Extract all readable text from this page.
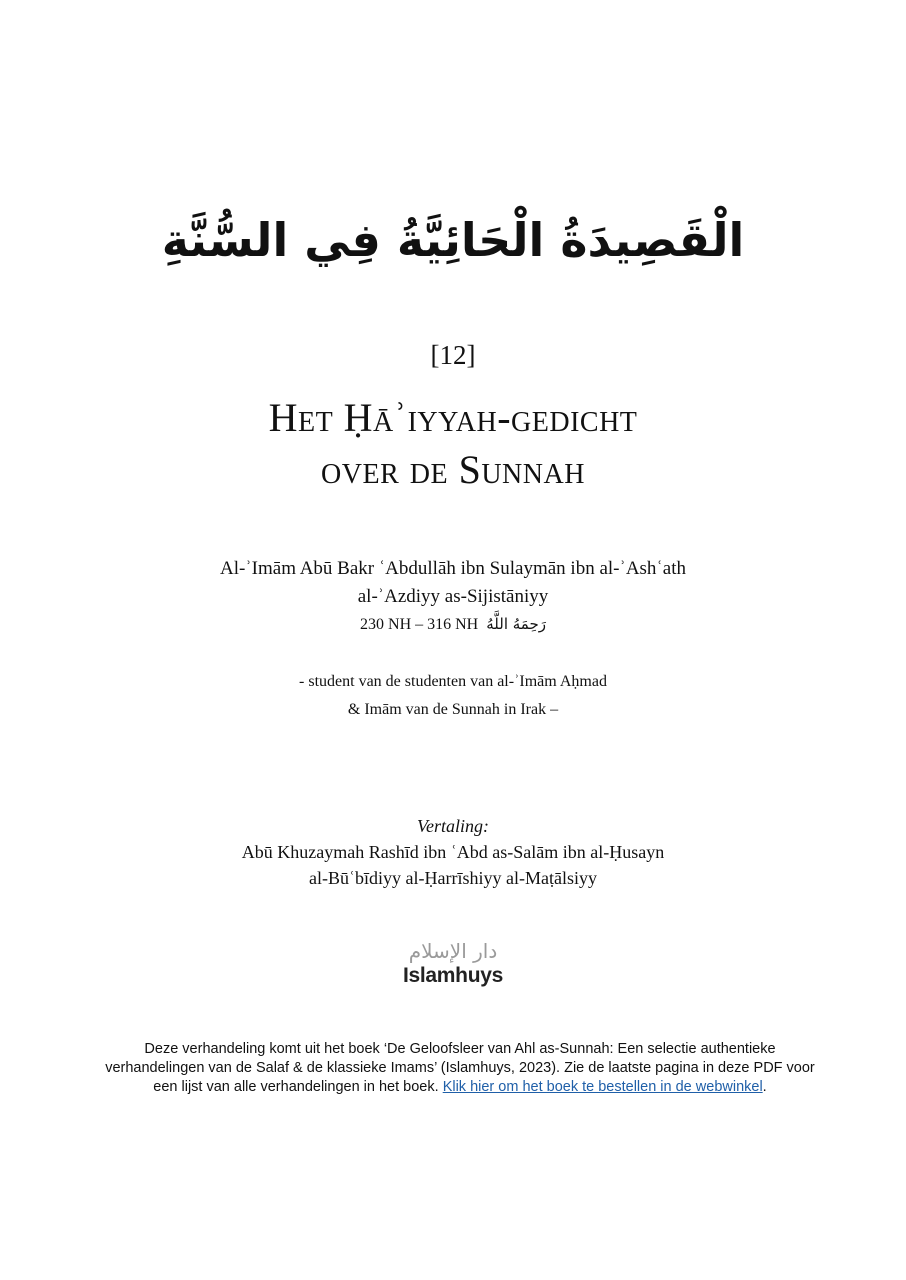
الْقَصِيدَةُ الْحَائِيَّةُ فِي السُّنَّةِ
[12]
Het Ḥāʾiyyah-gedicht
over de Sunnah
Al-ʾImām Abū Bakr ʿAbdullāh ibn Sulaymān ibn al-ʾAshʿath
al-ʾAzdiyy as-Sijistāniyy
230 NH – 316 NH رَحِمَهُ اللَّهُ
- student van de studenten van al-ʾImām Aḥmad
& Imām van de Sunnah in Irak –
Vertaling:
Abū Khuzaymah Rashīd ibn ʿAbd as-Salām ibn al-Ḥusayn
al-Būʿbīdiyy al-Ḥarrīshiyy al-Maṭālsiyy
دار الإسلام
Islamhuys
Deze verhandeling komt uit het boek ‘De Geloofsleer van Ahl as-Sunnah: Een selectie authentieke verhandelingen van de Salaf & de klassieke Imams’ (Islamhuys, 2023). Zie de laatste pagina in deze PDF voor een lijst van alle verhandelingen in het boek. Klik hier om het boek te bestellen in de webwinkel.
